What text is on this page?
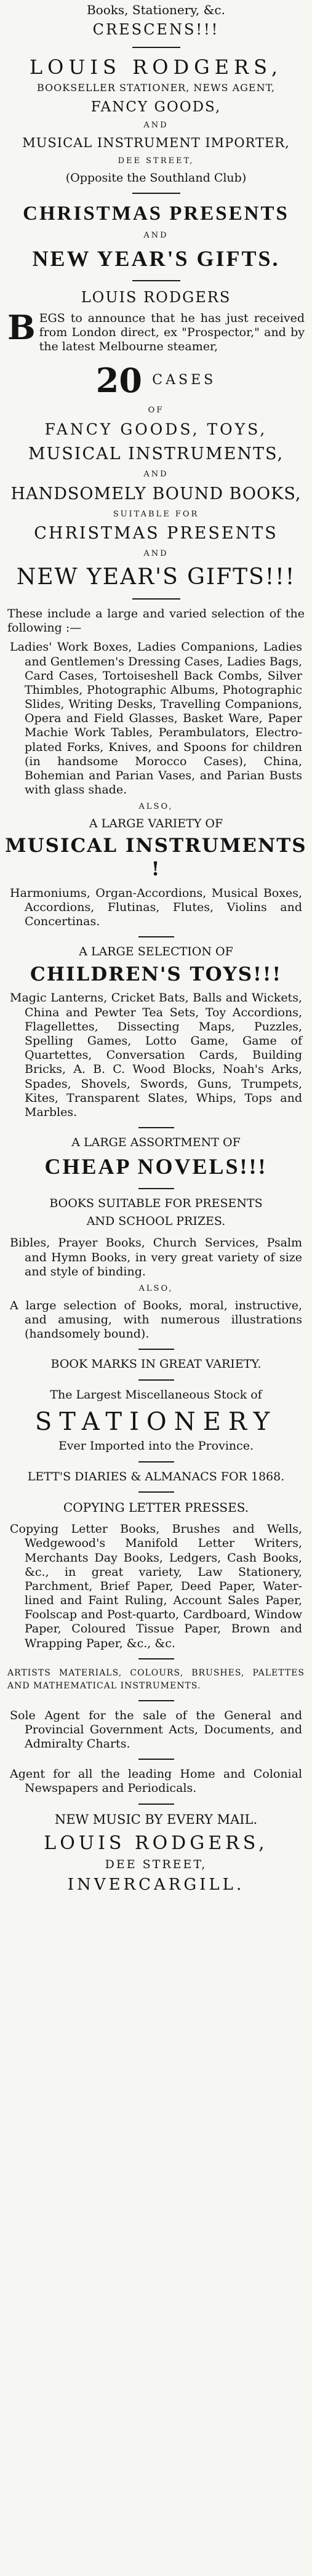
Books, Stationery, &c.
CRESCENS!!!
LOUIS RODGERS,
BOOKSELLER STATIONER, NEWS AGENT,
FANCY GOODS,
AND
MUSICAL INSTRUMENT IMPORTER,
DEE STREET,
(Opposite the Southland Club)
CHRISTMAS PRESENTS
AND
NEW YEAR'S GIFTS.
LOUIS RODGERS
BEGS to announce that he has just received from London direct, ex "Prospector," and by the latest Melbourne steamer,
20 CASES
OF
FANCY GOODS, TOYS,
MUSICAL INSTRUMENTS,
AND
HANDSOMELY BOUND BOOKS,
SUITABLE FOR
CHRISTMAS PRESENTS
AND
NEW YEAR'S GIFTS!!!
These include a large and varied selection of the following :—
Ladies' Work Boxes, Ladies Companions, Ladies and Gentlemen's Dressing Cases, Ladies Bags, Card Cases, Tortoiseshell Back Combs, Silver Thimbles, Photographic Albums, Photographic Slides, Writing Desks, Travelling Companions, Opera and Field Glasses, Basket Ware, Paper Machie Work Tables, Perambulators, Electro-plated Forks, Knives, and Spoons for children (in handsome Morocco Cases), China, Bohemian and Parian Vases, and Parian Busts with glass shade.
ALSO,
A LARGE VARIETY OF
MUSICAL INSTRUMENTS !
Harmoniums, Organ-Accordions, Musical Boxes, Accordions, Flutinas, Flutes, Violins and Concertinas.
A LARGE SELECTION OF
CHILDREN'S TOYS!!!
Magic Lanterns, Cricket Bats, Balls and Wickets, China and Pewter Tea Sets, Toy Accordions, Flagellettes, Dissecting Maps, Puzzles, Spelling Games, Lotto Game, Game of Quartettes, Conversation Cards, Building Bricks, A. B. C. Wood Blocks, Noah's Arks, Spades, Shovels, Swords, Guns, Trumpets, Kites, Transparent Slates, Whips, Tops and Marbles.
A LARGE ASSORTMENT OF
CHEAP NOVELS!!!
BOOKS SUITABLE FOR PRESENTS
AND SCHOOL PRIZES.
Bibles, Prayer Books, Church Services, Psalm and Hymn Books, in very great variety of size and style of binding.
ALSO,
A large selection of Books, moral, instructive, and amusing, with numerous illustrations (handsomely bound).
BOOK MARKS IN GREAT VARIETY.
The Largest Miscellaneous Stock of
STATIONERY
Ever Imported into the Province.
LETT'S DIARIES & ALMANACS FOR 1868.
COPYING LETTER PRESSES.
Copying Letter Books, Brushes and Wells, Wedgewood's Manifold Letter Writers, Merchants Day Books, Ledgers, Cash Books, &c., in great variety, Law Stationery, Parchment, Brief Paper, Deed Paper, Water-lined and Faint Ruling, Account Sales Paper, Foolscap and Post-quarto, Cardboard, Window Paper, Coloured Tissue Paper, Brown and Wrapping Paper, &c., &c.
ARTISTS MATERIALS, COLOURS, BRUSHES, PALETTES AND MATHEMATICAL INSTRUMENTS.
Sole Agent for the sale of the General and Provincial Government Acts, Documents, and Admiralty Charts.
Agent for all the leading Home and Colonial Newspapers and Periodicals.
NEW MUSIC BY EVERY MAIL.
LOUIS RODGERS,
DEE STREET,
INVERCARGILL.
